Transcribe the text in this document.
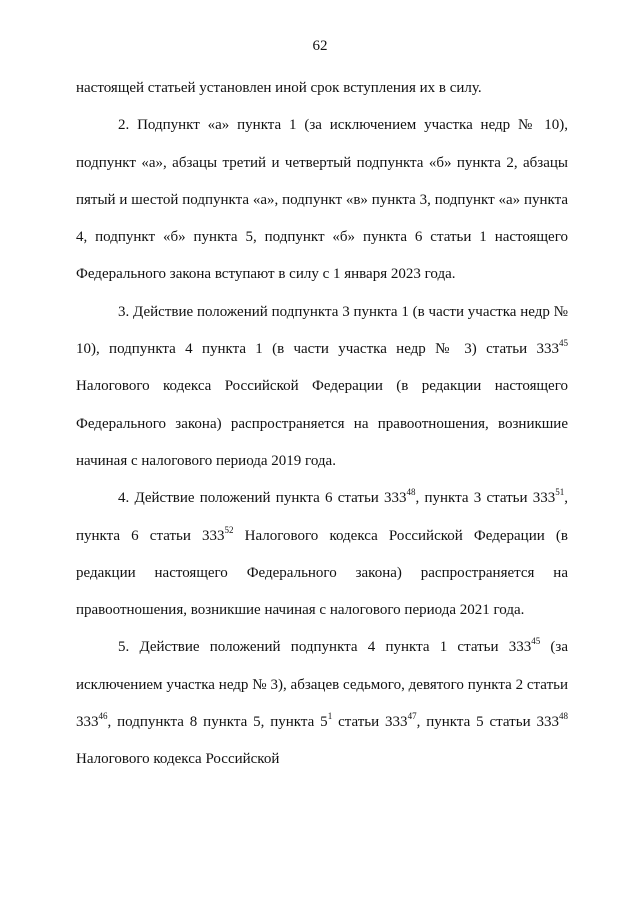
62

настоящей статьей установлен иной срок вступления их в силу.

2. Подпункт «а» пункта 1 (за исключением участка недр № 10), подпункт «а», абзацы третий и четвертый подпункта «б» пункта 2, абзацы пятый и шестой подпункта «а», подпункт «в» пункта 3, подпункт «а» пункта 4, подпункт «б» пункта 5, подпункт «б» пункта 6 статьи 1 настоящего Федерального закона вступают в силу с 1 января 2023 года.

3. Действие положений подпункта 3 пункта 1 (в части участка недр № 10), подпункта 4 пункта 1 (в части участка недр № 3) статьи $333^{45}$ Налогового кодекса Российской Федерации (в редакции настоящего Федерального закона) распространяется на правоотношения, возникшие начиная с налогового периода 2019 года.

4. Действие положений пункта 6 статьи $333^{48}$, пункта 3 статьи $333^{51}$, пункта 6 статьи $333^{52}$ Налогового кодекса Российской Федерации (в редакции настоящего Федерального закона) распространяется на правоотношения, возникшие начиная с налогового периода 2021 года.

5. Действие положений подпункта 4 пункта 1 статьи $333^{45}$ (за исключением участка недр № 3), абзацев седьмого, девятого пункта 2 статьи $333^{46}$, подпункта 8 пункта 5, пункта $5^1$ статьи $333^{47}$, пункта 5 статьи $333^{48}$ Налогового кодекса Российской
